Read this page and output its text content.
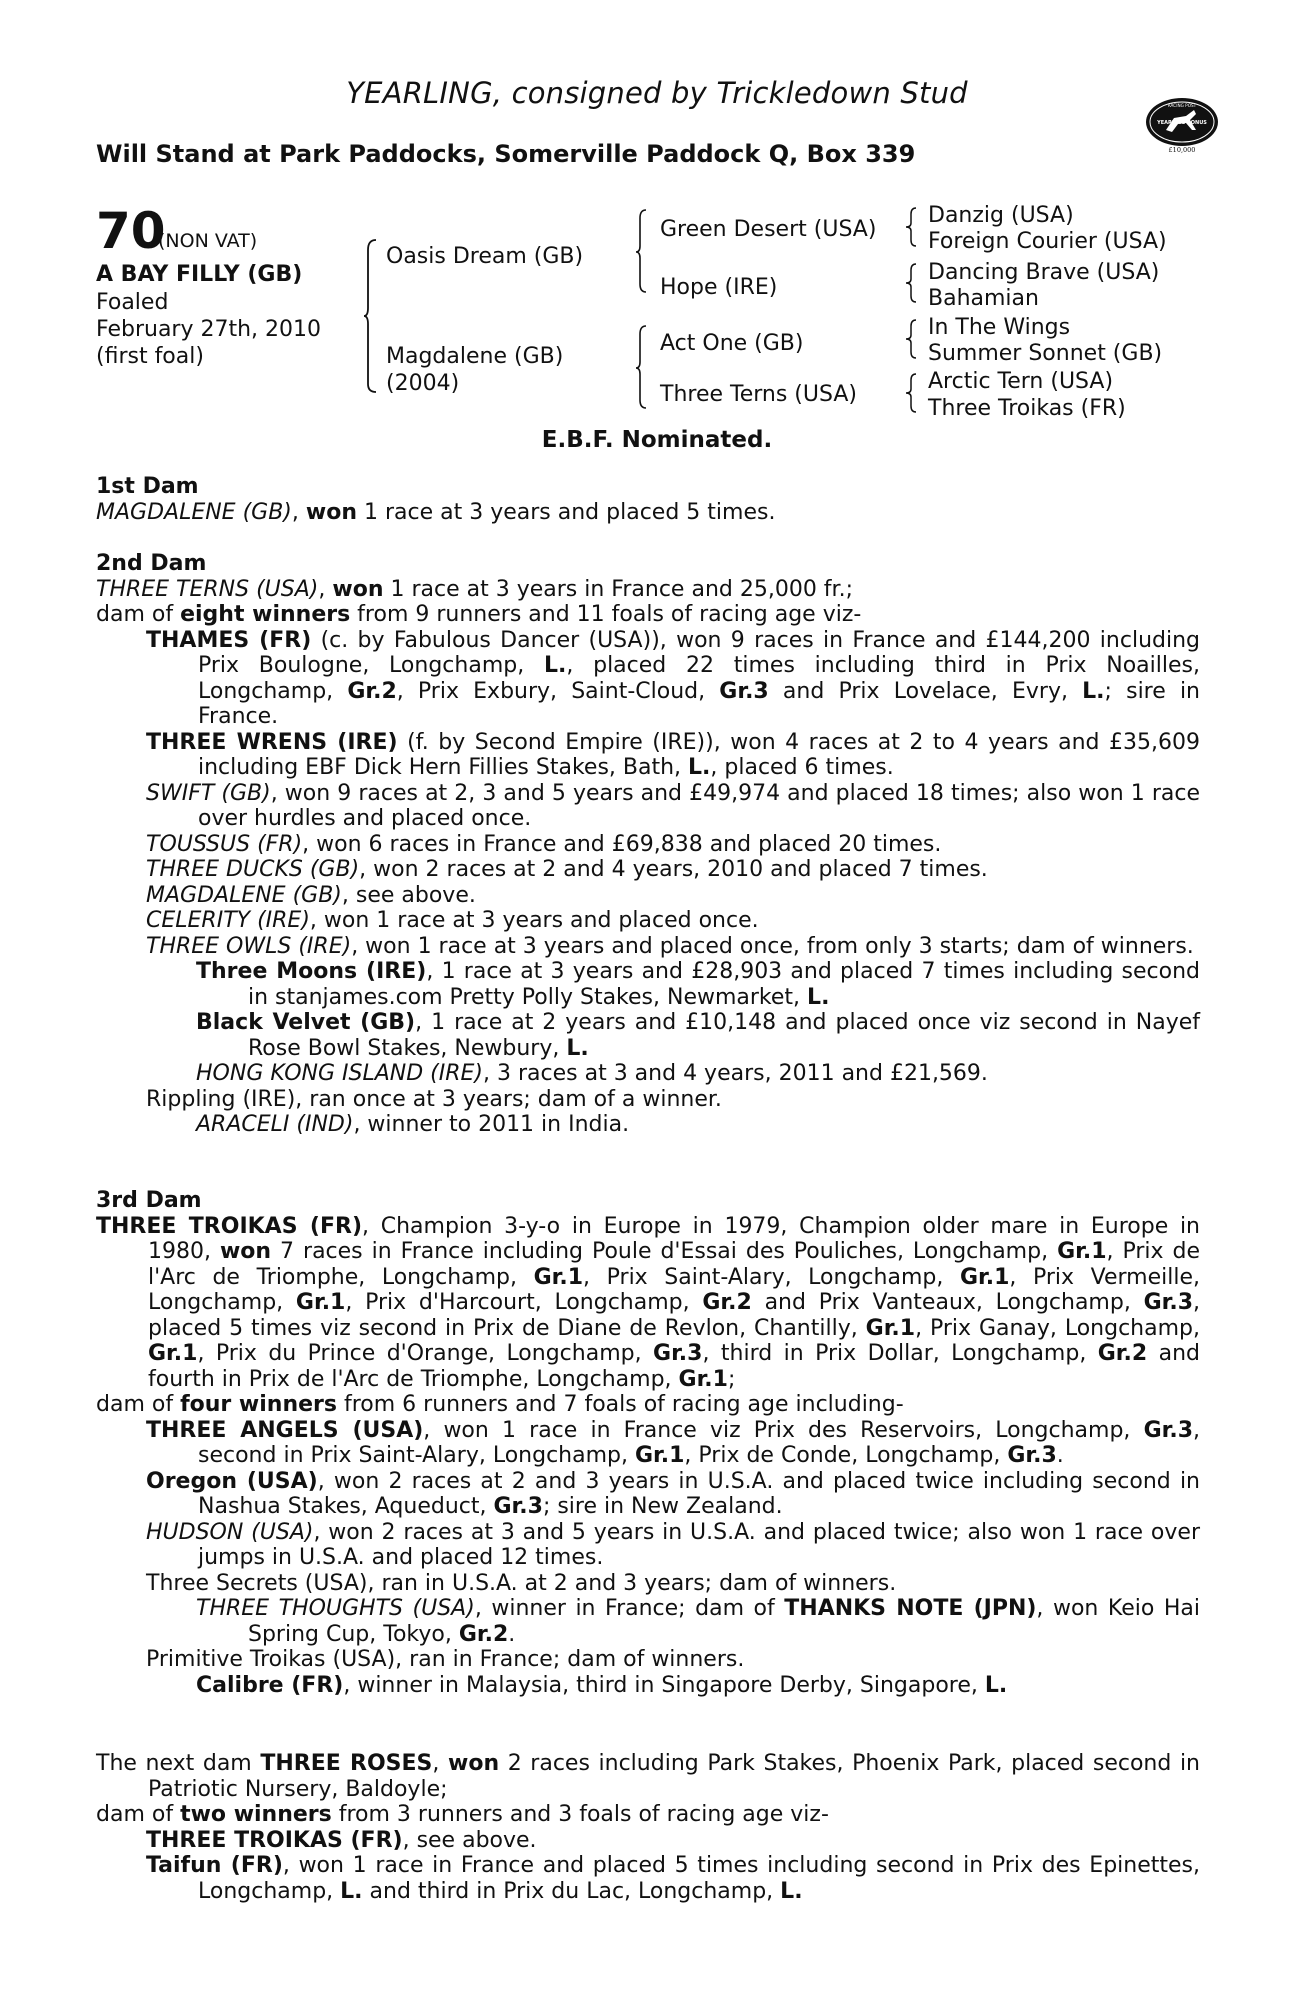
YEARLING, consigned by Trickledown Stud
Will Stand at Park Paddocks, Somerville Paddock Q, Box 339
RACING POST
YEARLING BONUS
£10,000
70
(NON VAT)
A BAY FILLY (GB)
Foaled
February 27th, 2010
(first foal)
Oasis Dream (GB)
Magdalene (GB)
(2004)
Green Desert (USA)
Hope (IRE)
Act One (GB)
Three Terns (USA)
Danzig (USA)
Foreign Courier (USA)
Dancing Brave (USA)
Bahamian
In The Wings
Summer Sonnet (GB)
Arctic Tern (USA)
Three Troikas (FR)
E.B.F. Nominated.

1st Dam

MAGDALENE (GB), won 1 race at 3 years and placed 5 times.

2nd Dam

THREE TERNS (USA), won 1 race at 3 years in France and 25,000 fr.;

dam of eight winners from 9 runners and 11 foals of racing age viz-

THAMES (FR) (c. by Fabulous Dancer (USA)), won 9 races in France and £144,200 including Prix Boulogne, Longchamp, L., placed 22 times including third in Prix Noailles, Longchamp, Gr.2, Prix Exbury, Saint-Cloud, Gr.3 and Prix Lovelace, Evry, L.; sire in France.

THREE WRENS (IRE) (f. by Second Empire (IRE)), won 4 races at 2 to 4 years and £35,609 including EBF Dick Hern Fillies Stakes, Bath, L., placed 6 times.

SWIFT (GB), won 9 races at 2, 3 and 5 years and £49,974 and placed 18 times; also won 1 race over hurdles and placed once.

TOUSSUS (FR), won 6 races in France and £69,838 and placed 20 times.

THREE DUCKS (GB), won 2 races at 2 and 4 years, 2010 and placed 7 times.

MAGDALENE (GB), see above.

CELERITY (IRE), won 1 race at 3 years and placed once.

THREE OWLS (IRE), won 1 race at 3 years and placed once, from only 3 starts; dam of winners.

Three Moons (IRE), 1 race at 3 years and £28,903 and placed 7 times including second in stanjames.com Pretty Polly Stakes, Newmarket, L.

Black Velvet (GB), 1 race at 2 years and £10,148 and placed once viz second in Nayef Rose Bowl Stakes, Newbury, L.

HONG KONG ISLAND (IRE), 3 races at 3 and 4 years, 2011 and £21,569.

Rippling (IRE), ran once at 3 years; dam of a winner.

ARACELI (IND), winner to 2011 in India.

3rd Dam

THREE TROIKAS (FR), Champion 3-y-o in Europe in 1979, Champion older mare in Europe in 1980, won 7 races in France including Poule d'Essai des Pouliches, Longchamp, Gr.1, Prix de l'Arc de Triomphe, Longchamp, Gr.1, Prix Saint-Alary, Longchamp, Gr.1, Prix Vermeille, Longchamp, Gr.1, Prix d'Harcourt, Longchamp, Gr.2 and Prix Vanteaux, Longchamp, Gr.3, placed 5 times viz second in Prix de Diane de Revlon, Chantilly, Gr.1, Prix Ganay, Longchamp, Gr.1, Prix du Prince d'Orange, Longchamp, Gr.3, third in Prix Dollar, Longchamp, Gr.2 and fourth in Prix de l'Arc de Triomphe, Longchamp, Gr.1;

dam of four winners from 6 runners and 7 foals of racing age including-

THREE ANGELS (USA), won 1 race in France viz Prix des Reservoirs, Longchamp, Gr.3, second in Prix Saint-Alary, Longchamp, Gr.1, Prix de Conde, Longchamp, Gr.3.

Oregon (USA), won 2 races at 2 and 3 years in U.S.A. and placed twice including second in Nashua Stakes, Aqueduct, Gr.3; sire in New Zealand.

HUDSON (USA), won 2 races at 3 and 5 years in U.S.A. and placed twice; also won 1 race over jumps in U.S.A. and placed 12 times.

Three Secrets (USA), ran in U.S.A. at 2 and 3 years; dam of winners.

THREE THOUGHTS (USA), winner in France; dam of THANKS NOTE (JPN), won Keio Hai Spring Cup, Tokyo, Gr.2.

Primitive Troikas (USA), ran in France; dam of winners.

Calibre (FR), winner in Malaysia, third in Singapore Derby, Singapore, L.

The next dam THREE ROSES, won 2 races including Park Stakes, Phoenix Park, placed second in Patriotic Nursery, Baldoyle;

dam of two winners from 3 runners and 3 foals of racing age viz-

THREE TROIKAS (FR), see above.

Taifun (FR), won 1 race in France and placed 5 times including second in Prix des Epinettes, Longchamp, L. and third in Prix du Lac, Longchamp, L.
